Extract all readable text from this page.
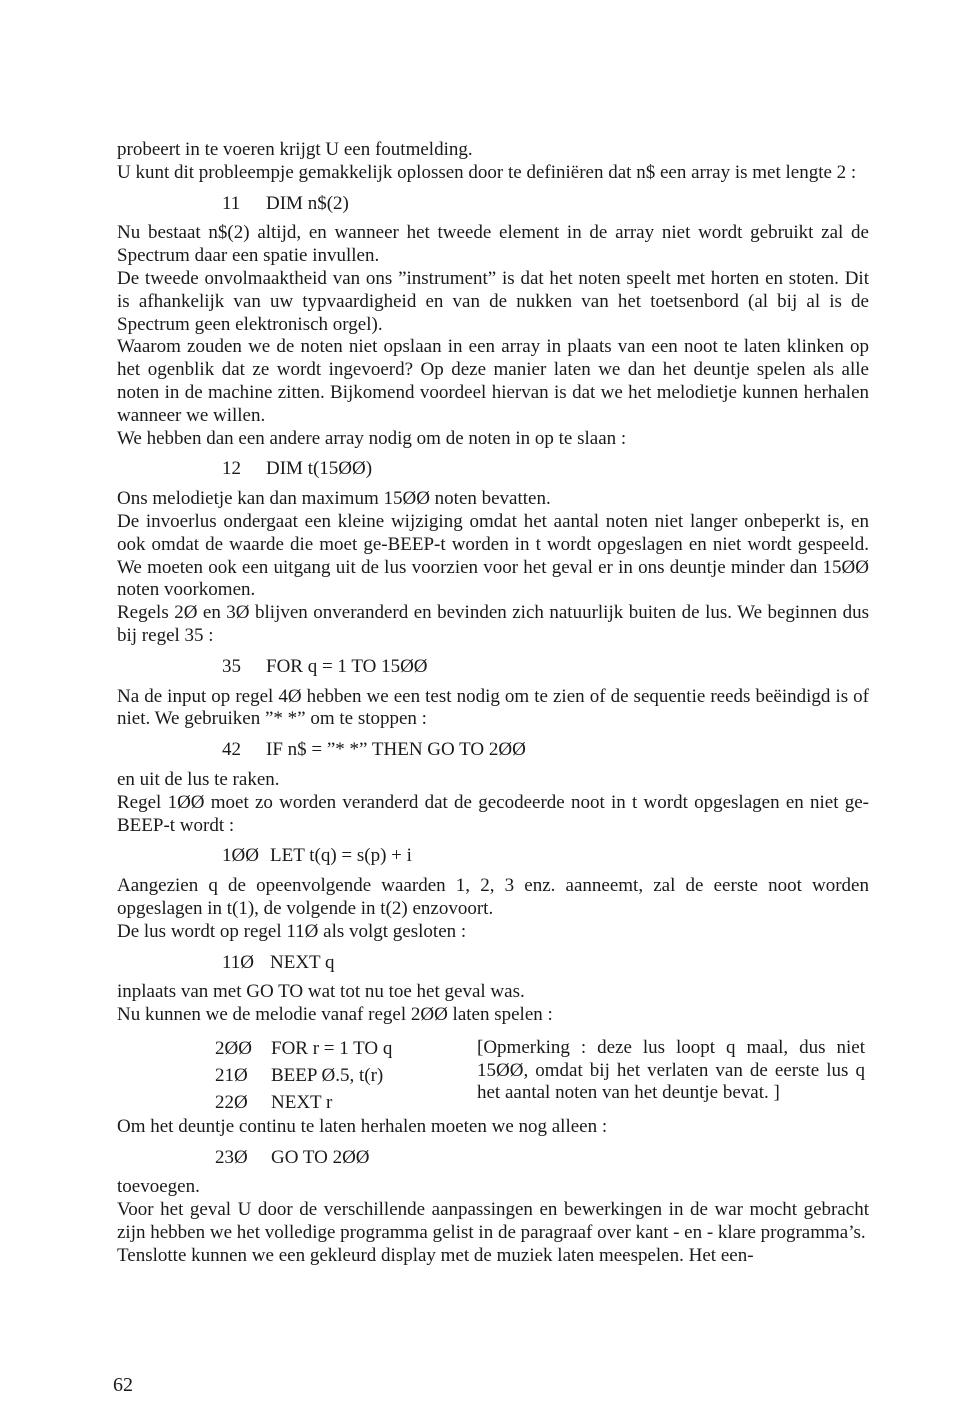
probeert in te voeren krijgt U een foutmelding.

U kunt dit probleempje gemakkelijk oplossen door te definiëren dat n$ een array is met lengte 2 :

11 DIM n$(2)

Nu bestaat n$(2) altijd, en wanneer het tweede element in de array niet wordt gebruikt zal de Spectrum daar een spatie invullen.

De tweede onvolmaaktheid van ons ”instrument” is dat het noten speelt met horten en stoten. Dit is afhankelijk van uw typvaardigheid en van de nukken van het toetsenbord (al bij al is de Spectrum geen elektronisch orgel).

Waarom zouden we de noten niet opslaan in een array in plaats van een noot te laten klinken op het ogenblik dat ze wordt ingevoerd? Op deze manier laten we dan het deuntje spelen als alle noten in de machine zitten. Bijkomend voordeel hiervan is dat we het melodietje kunnen herhalen wanneer we willen.

We hebben dan een andere array nodig om de noten in op te slaan :

12 DIM t(15ØØ)

Ons melodietje kan dan maximum 15ØØ noten bevatten.

De invoerlus ondergaat een kleine wijziging omdat het aantal noten niet langer onbeperkt is, en ook omdat de waarde die moet ge-BEEP-t worden in t wordt opgeslagen en niet wordt gespeeld. We moeten ook een uitgang uit de lus voorzien voor het geval er in ons deuntje minder dan 15ØØ noten voorkomen.

Regels 2Ø en 3Ø blijven onveranderd en bevinden zich natuurlijk buiten de lus. We beginnen dus bij regel 35 :

35 FOR q = 1 TO 15ØØ

Na de input op regel 4Ø hebben we een test nodig om te zien of de sequentie reeds beëindigd is of niet. We gebruiken ”* *” om te stoppen :

42 IF n$ = ”* *” THEN GO TO 2ØØ

en uit de lus te raken.

Regel 1ØØ moet zo worden veranderd dat de gecodeerde noot in t wordt opgeslagen en niet ge-BEEP-t wordt :

1ØØ LET t(q) = s(p) + i

Aangezien q de opeenvolgende waarden 1, 2, 3 enz. aanneemt, zal de eerste noot worden opgeslagen in t(1), de volgende in t(2) enzovoort.

De lus wordt op regel 11Ø als volgt gesloten :

11Ø NEXT q

inplaats van met GO TO wat tot nu toe het geval was.

Nu kunnen we de melodie vanaf regel 2ØØ laten spelen :

2ØØ FOR r = 1 TO q
21Ø BEEP Ø.5, t(r)
22Ø NEXT r
[Opmerking : deze lus loopt q maal, dus niet 15ØØ, omdat bij het verlaten van de eerste lus q het aantal noten van het deuntje bevat. ]

Om het deuntje continu te laten herhalen moeten we nog alleen :

23Ø GO TO 2ØØ

toevoegen.

Voor het geval U door de verschillende aanpassingen en bewerkingen in de war mocht gebracht zijn hebben we het volledige programma gelist in de paragraaf over kant - en - klare programma’s.

Tenslotte kunnen we een gekleurd display met de muziek laten meespelen. Het een-

62
